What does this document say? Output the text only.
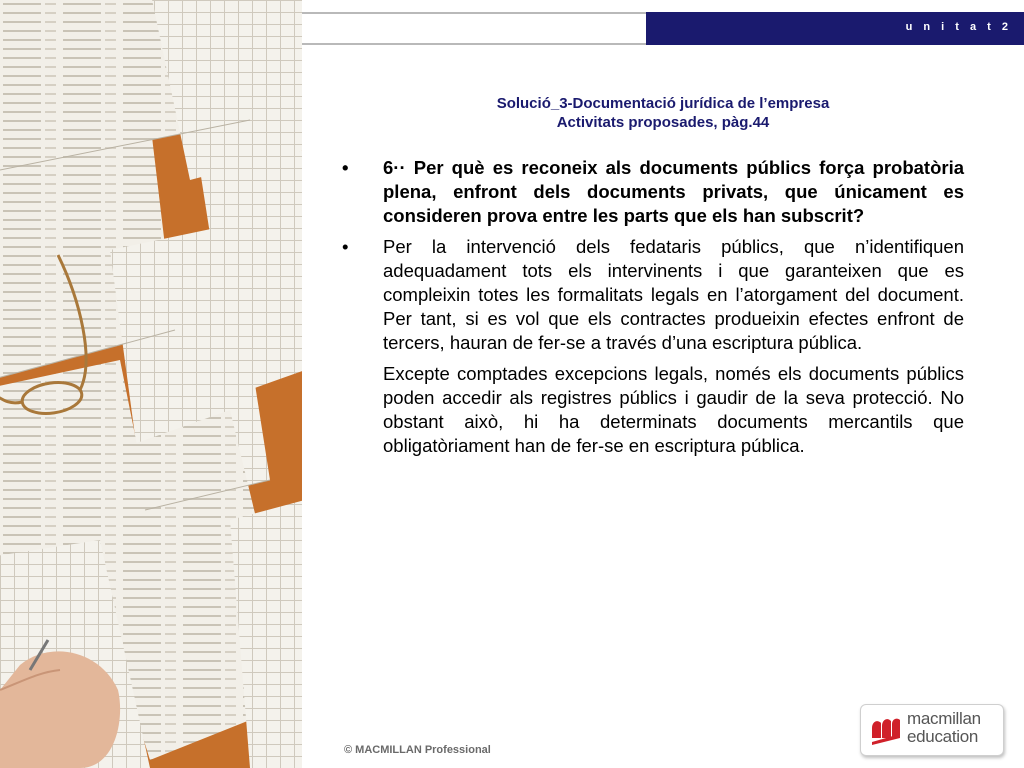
u n i t a t 2
Solució_3-Documentació jurídica de l’empresa
Activitats proposades, pàg.44

• 6·· Per què es reconeix als documents públics força probatòria plena, enfront dels documents privats, que únicament es consideren prova entre les parts que els han subscrit?

• Per la intervenció dels fedataris públics, que n’identifiquen adequadament tots els intervinents i que garanteixen que es compleixin totes les formalitats legals en l’atorgament del document. Per tant, si es vol que els contractes produeixin efectes enfront de tercers, hauran de fer-se a través d’una escriptura pública.

Excepte comptades excepcions legals, només els documents públics poden accedir als registres públics i gaudir de la seva protecció. No obstant això, hi ha determinats documents mercantils que obligatòriament han de fer-se en escriptura pública.

© MACMILLAN Professional
macmillan
education
